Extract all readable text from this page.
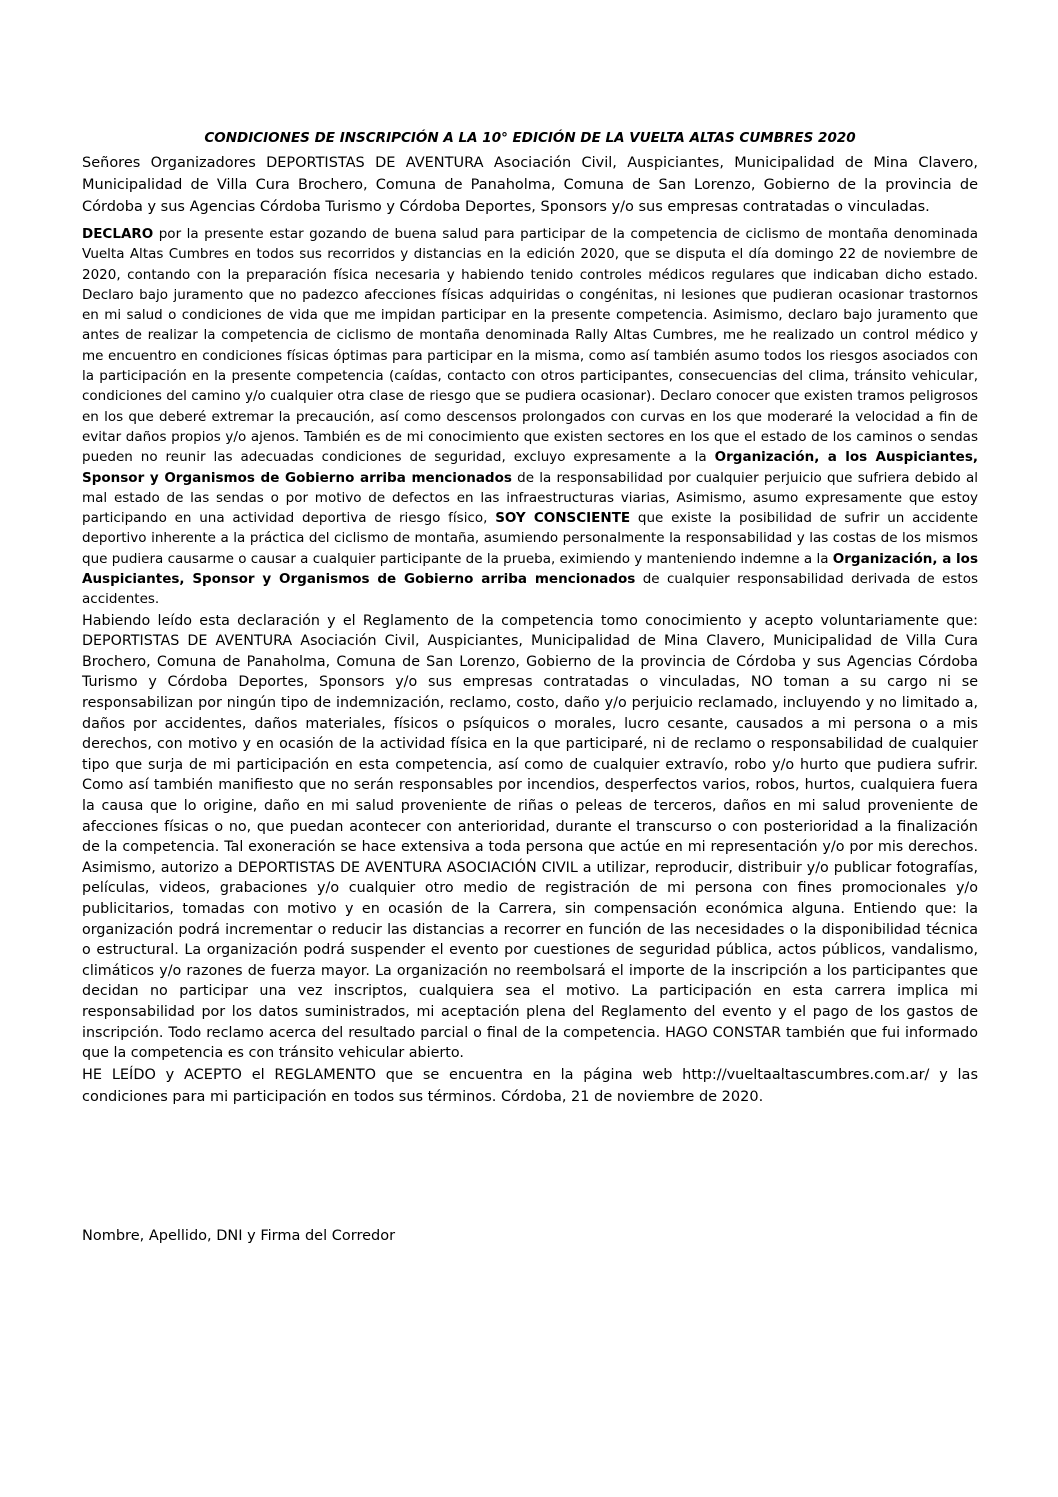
CONDICIONES DE INSCRIPCIÓN A LA 10° EDICIÓN DE LA VUELTA ALTAS CUMBRES 2020

Señores Organizadores DEPORTISTAS DE AVENTURA Asociación Civil, Auspiciantes, Municipalidad de Mina Clavero, Municipalidad de Villa Cura Brochero, Comuna de Panaholma, Comuna de San Lorenzo, Gobierno de la provincia de Córdoba y sus Agencias Córdoba Turismo y Córdoba Deportes, Sponsors y/o sus empresas contratadas o vinculadas.

DECLARO por la presente estar gozando de buena salud para participar de la competencia de ciclismo de montaña denominada Vuelta Altas Cumbres en todos sus recorridos y distancias en la edición 2020, que se disputa el día domingo 22 de noviembre de 2020, contando con la preparación física necesaria y habiendo tenido controles médicos regulares que indicaban dicho estado. Declaro bajo juramento que no padezco afecciones físicas adquiridas o congénitas, ni lesiones que pudieran ocasionar trastornos en mi salud o condiciones de vida que me impidan participar en la presente competencia. Asimismo, declaro bajo juramento que antes de realizar la competencia de ciclismo de montaña denominada Rally Altas Cumbres, me he realizado un control médico y me encuentro en condiciones físicas óptimas para participar en la misma, como así también asumo todos los riesgos asociados con la participación en la presente competencia (caídas, contacto con otros participantes, consecuencias del clima, tránsito vehicular, condiciones del camino y/o cualquier otra clase de riesgo que se pudiera ocasionar). Declaro conocer que existen tramos peligrosos en los que deberé extremar la precaución, así como descensos prolongados con curvas en los que moderaré la velocidad a fin de evitar daños propios y/o ajenos. También es de mi conocimiento que existen sectores en los que el estado de los caminos o sendas pueden no reunir las adecuadas condiciones de seguridad, excluyo expresamente a la Organización, a los Auspiciantes, Sponsor y Organismos de Gobierno arriba mencionados de la responsabilidad por cualquier perjuicio que sufriera debido al mal estado de las sendas o por motivo de defectos en las infraestructuras viarias, Asimismo, asumo expresamente que estoy participando en una actividad deportiva de riesgo físico, SOY CONSCIENTE que existe la posibilidad de sufrir un accidente deportivo inherente a la práctica del ciclismo de montaña, asumiendo personalmente la responsabilidad y las costas de los mismos que pudiera causarme o causar a cualquier participante de la prueba, eximiendo y manteniendo indemne a la Organización, a los Auspiciantes, Sponsor y Organismos de Gobierno arriba mencionados de cualquier responsabilidad derivada de estos accidentes.

Habiendo leído esta declaración y el Reglamento de la competencia tomo conocimiento y acepto voluntariamente que: DEPORTISTAS DE AVENTURA Asociación Civil, Auspiciantes, Municipalidad de Mina Clavero, Municipalidad de Villa Cura Brochero, Comuna de Panaholma, Comuna de San Lorenzo, Gobierno de la provincia de Córdoba y sus Agencias Córdoba Turismo y Córdoba Deportes, Sponsors y/o sus empresas contratadas o vinculadas, NO toman a su cargo ni se responsabilizan por ningún tipo de indemnización, reclamo, costo, daño y/o perjuicio reclamado, incluyendo y no limitado a, daños por accidentes, daños materiales, físicos o psíquicos o morales, lucro cesante, causados a mi persona o a mis derechos, con motivo y en ocasión de la actividad física en la que participaré, ni de reclamo o responsabilidad de cualquier tipo que surja de mi participación en esta competencia, así como de cualquier extravío, robo y/o hurto que pudiera sufrir. Como así también manifiesto que no serán responsables por incendios, desperfectos varios, robos, hurtos, cualquiera fuera la causa que lo origine, daño en mi salud proveniente de riñas o peleas de terceros, daños en mi salud proveniente de afecciones físicas o no, que puedan acontecer con anterioridad, durante el transcurso o con posterioridad a la finalización de la competencia. Tal exoneración se hace extensiva a toda persona que actúe en mi representación y/o por mis derechos. Asimismo, autorizo a DEPORTISTAS DE AVENTURA ASOCIACIÓN CIVIL a utilizar, reproducir, distribuir y/o publicar fotografías, películas, videos, grabaciones y/o cualquier otro medio de registración de mi persona con fines promocionales y/o publicitarios, tomadas con motivo y en ocasión de la Carrera, sin compensación económica alguna. Entiendo que: la organización podrá incrementar o reducir las distancias a recorrer en función de las necesidades o la disponibilidad técnica o estructural. La organización podrá suspender el evento por cuestiones de seguridad pública, actos públicos, vandalismo, climáticos y/o razones de fuerza mayor. La organización no reembolsará el importe de la inscripción a los participantes que decidan no participar una vez inscriptos, cualquiera sea el motivo. La participación en esta carrera implica mi responsabilidad por los datos suministrados, mi aceptación plena del Reglamento del evento y el pago de los gastos de inscripción. Todo reclamo acerca del resultado parcial o final de la competencia. HAGO CONSTAR también que fui informado que la competencia es con tránsito vehicular abierto.

HE LEÍDO y ACEPTO el REGLAMENTO que se encuentra en la página web http://vueltaaltascumbres.com.ar/ y las condiciones para mi participación en todos sus términos. Córdoba, 21 de noviembre de 2020.

Nombre, Apellido, DNI y Firma del Corredor
